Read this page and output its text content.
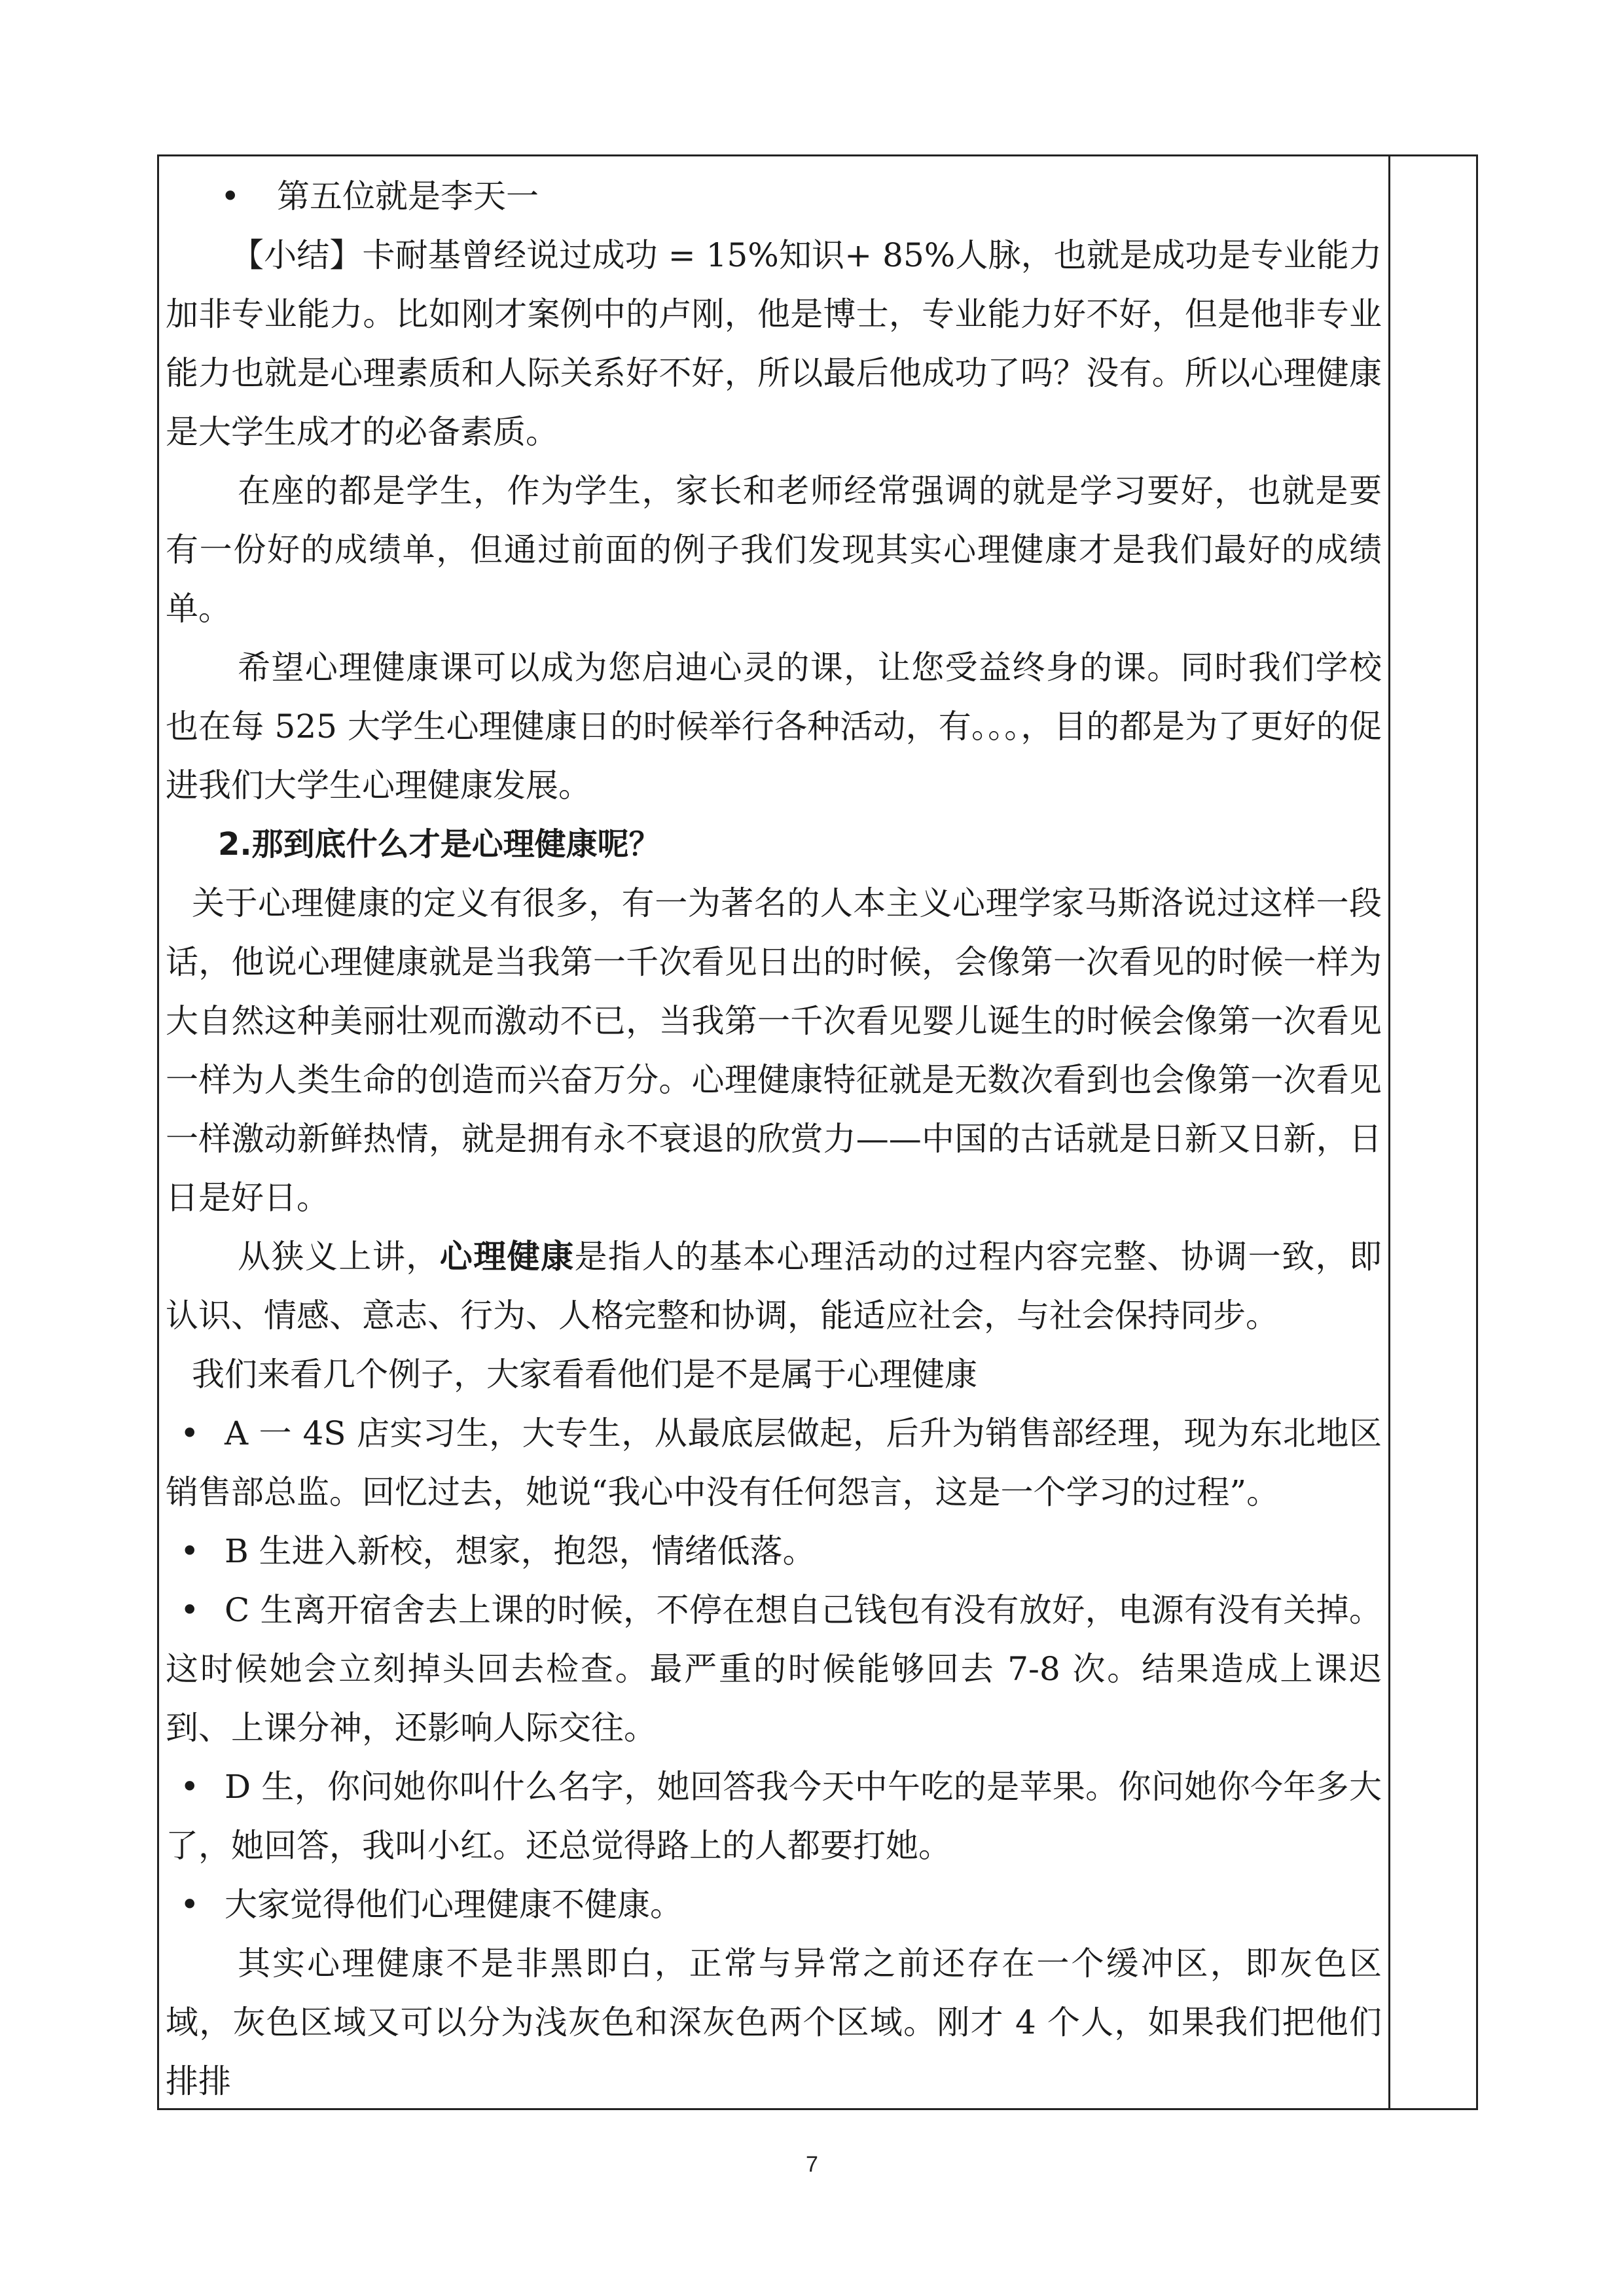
• 第五位就是李天一

【小结】卡耐基曾经说过成功 = 15%知识+ 85%人脉，也就是成功是专业能力加非专业能力。比如刚才案例中的卢刚，他是博士，专业能力好不好，但是他非专业能力也就是心理素质和人际关系好不好，所以最后他成功了吗？没有。所以心理健康是大学生成才的必备素质。

在座的都是学生，作为学生，家长和老师经常强调的就是学习要好，也就是要有一份好的成绩单，但通过前面的例子我们发现其实心理健康才是我们最好的成绩单。

希望心理健康课可以成为您启迪心灵的课，让您受益终身的课。同时我们学校也在每 525 大学生心理健康日的时候举行各种活动，有。。。，目的都是为了更好的促进我们大学生心理健康发展。

2.那到底什么才是心理健康呢？

关于心理健康的定义有很多，有一为著名的人本主义心理学家马斯洛说过这样一段话，他说心理健康就是当我第一千次看见日出的时候，会像第一次看见的时候一样为大自然这种美丽壮观而激动不已，当我第一千次看见婴儿诞生的时候会像第一次看见一样为人类生命的创造而兴奋万分。心理健康特征就是无数次看到也会像第一次看见一样激动新鲜热情，就是拥有永不衰退的欣赏力——中国的古话就是日新又日新，日日是好日。

从狭义上讲，心理健康是指人的基本心理活动的过程内容完整、协调一致，即认识、情感、意志、行为、人格完整和协调，能适应社会，与社会保持同步。

我们来看几个例子，大家看看他们是不是属于心理健康

• A 一 4S 店实习生，大专生，从最底层做起，后升为销售部经理，现为东北地区销售部总监。回忆过去，她说“我心中没有任何怨言，这是一个学习的过程”。

• B 生进入新校，想家，抱怨，情绪低落。

• C 生离开宿舍去上课的时候，不停在想自己钱包有没有放好，电源有没有关掉。这时候她会立刻掉头回去检查。最严重的时候能够回去 7-8 次。结果造成上课迟到、上课分神，还影响人际交往。

• D 生，你问她你叫什么名字，她回答我今天中午吃的是苹果。你问她你今年多大了，她回答，我叫小红。还总觉得路上的人都要打她。

• 大家觉得他们心理健康不健康。

其实心理健康不是非黑即白，正常与异常之前还存在一个缓冲区，即灰色区域，灰色区域又可以分为浅灰色和深灰色两个区域。刚才 4 个人，如果我们把他们排排

7
